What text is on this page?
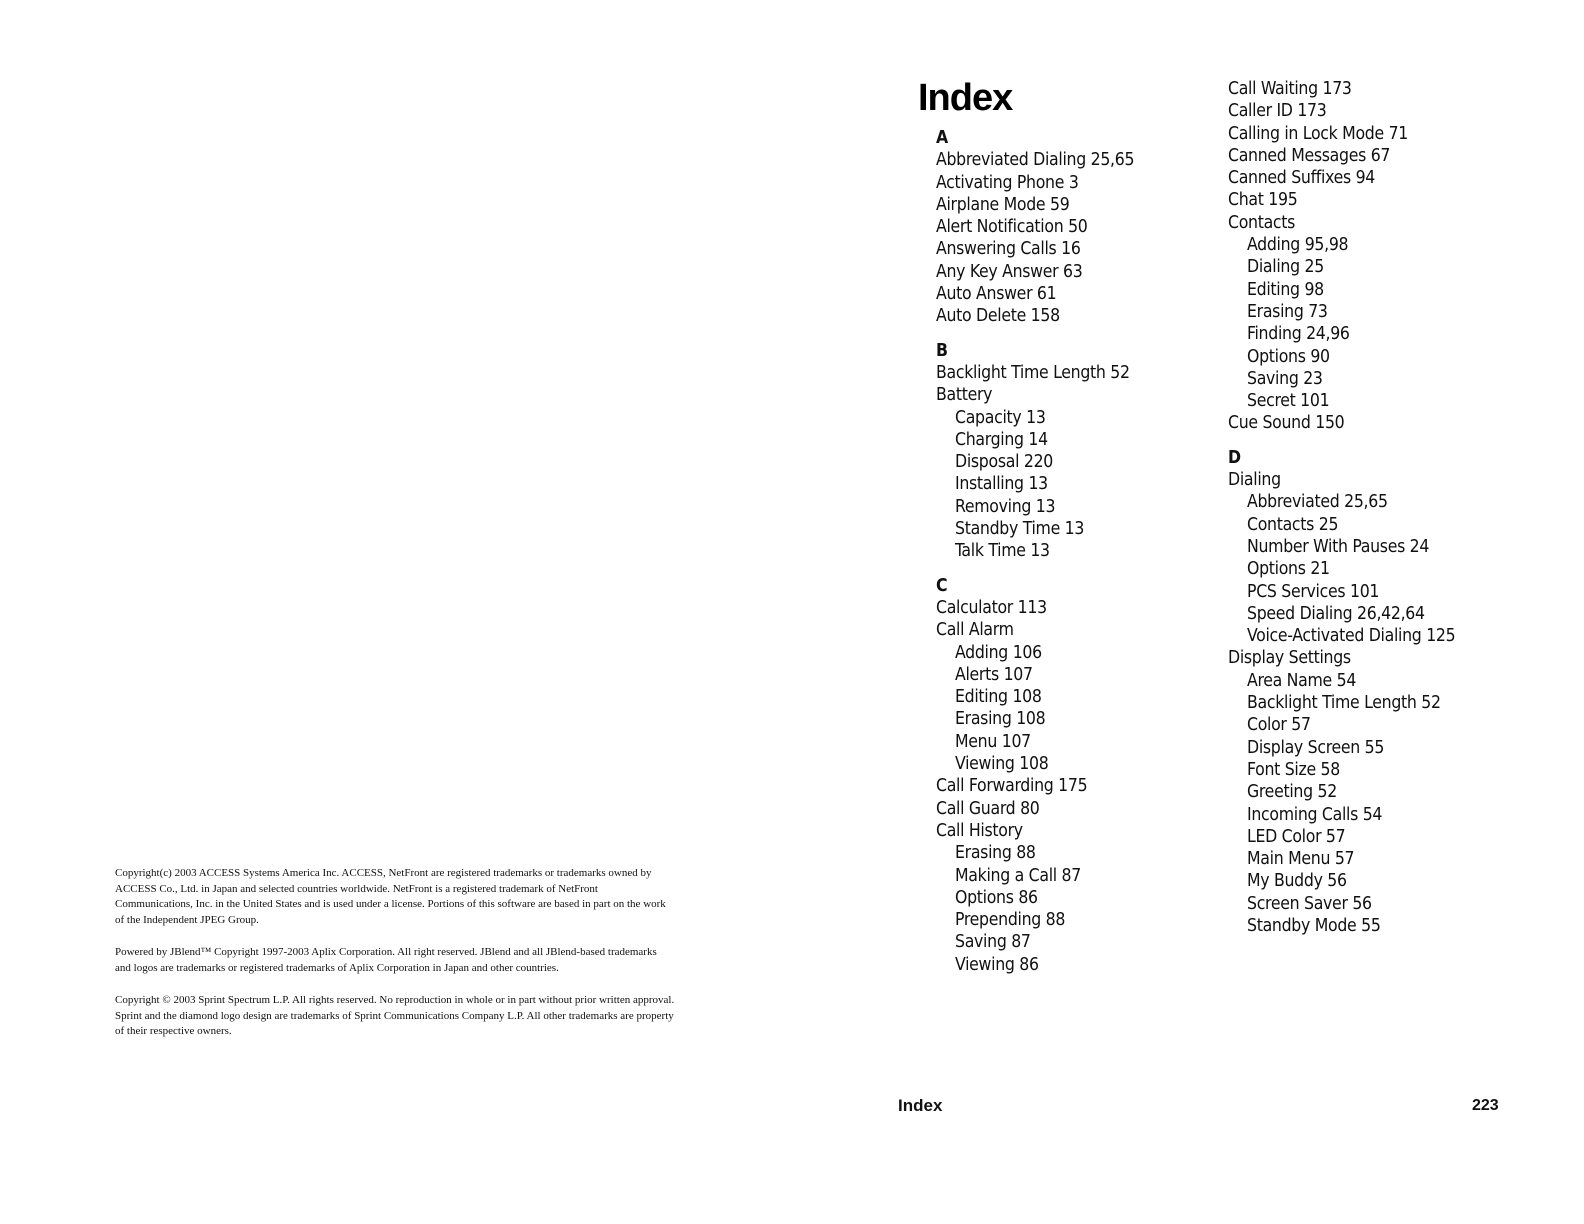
Copyright(c) 2003 ACCESS Systems America Inc. ACCESS, NetFront are registered trademarks or trademarks owned by ACCESS Co., Ltd. in Japan and selected countries worldwide. NetFront is a registered trademark of NetFront Communications, Inc. in the United States and is used under a license. Portions of this software are based in part on the work of the Independent JPEG Group.

Powered by JBlend™ Copyright 1997-2003 Aplix Corporation. All right reserved. JBlend and all JBlend-based trademarks and logos are trademarks or registered trademarks of Aplix Corporation in Japan and other countries.

Copyright © 2003 Sprint Spectrum L.P. All rights reserved. No reproduction in whole or in part without prior written approval. Sprint and the diamond logo design are trademarks of Sprint Communications Company L.P. All other trademarks are property of their respective owners.

Index
A
Abbreviated Dialing 25,65
Activating Phone 3
Airplane Mode 59
Alert Notification 50
Answering Calls 16
Any Key Answer 63
Auto Answer 61
Auto Delete 158
B
Backlight Time Length 52
Battery
Capacity 13
Charging 14
Disposal 220
Installing 13
Removing 13
Standby Time 13
Talk Time 13
C
Calculator 113
Call Alarm
Adding 106
Alerts 107
Editing 108
Erasing 108
Menu 107
Viewing 108
Call Forwarding 175
Call Guard 80
Call History
Erasing 88
Making a Call 87
Options 86
Prepending 88
Saving 87
Viewing 86
Call Waiting 173
Caller ID 173
Calling in Lock Mode 71
Canned Messages 67
Canned Suffixes 94
Chat 195
Contacts
Adding 95,98
Dialing 25
Editing 98
Erasing 73
Finding 24,96
Options 90
Saving 23
Secret 101
Cue Sound 150
D
Dialing
Abbreviated 25,65
Contacts 25
Number With Pauses 24
Options 21
PCS Services 101
Speed Dialing 26,42,64
Voice-Activated Dialing 125
Display Settings
Area Name 54
Backlight Time Length 52
Color 57
Display Screen 55
Font Size 58
Greeting 52
Incoming Calls 54
LED Color 57
Main Menu 57
My Buddy 56
Screen Saver 56
Standby Mode 55
Index	223
